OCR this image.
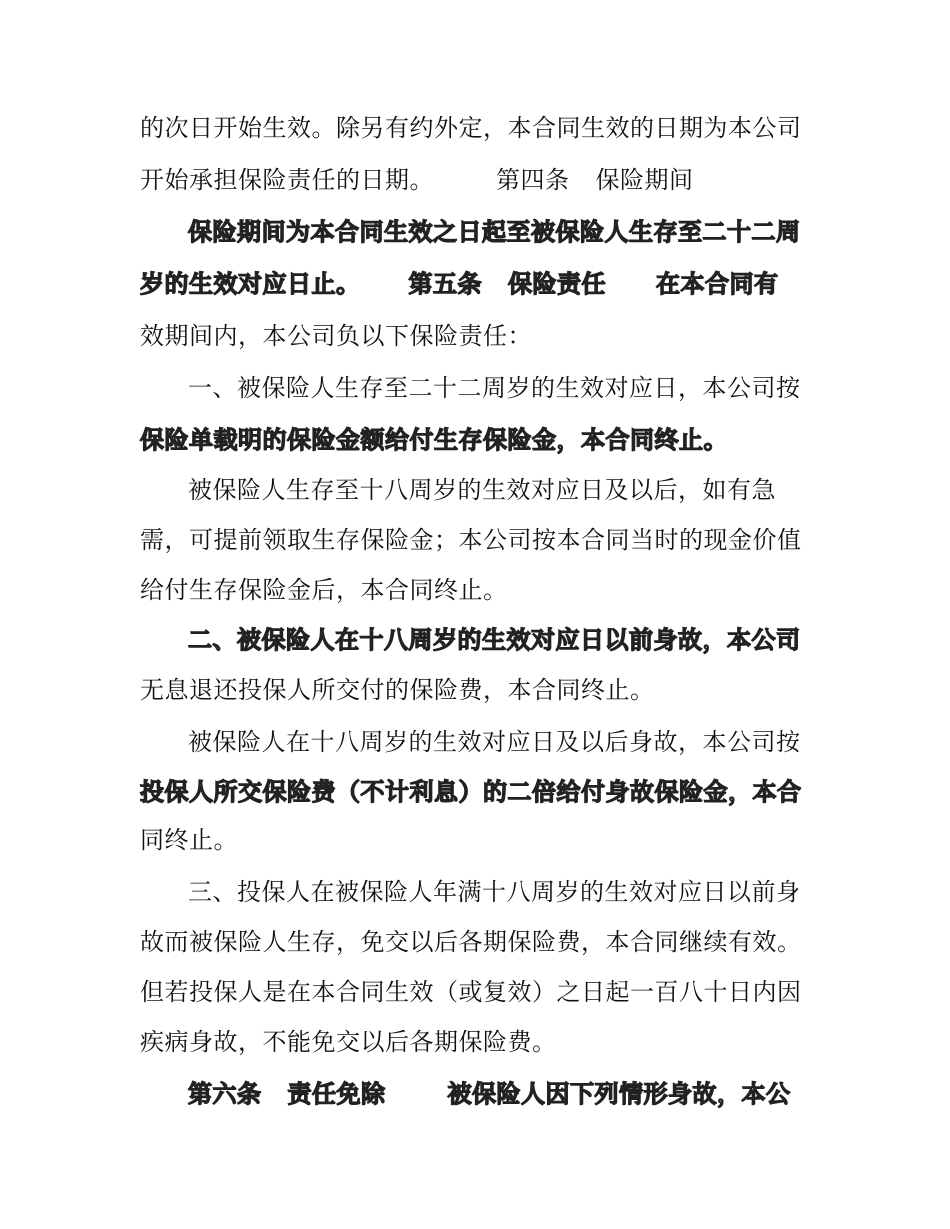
的次日开始生效。除另有约外定，本合同生效的日期为本公司
开始承担保险责任的日期。	第四条 保险期间
保险期间为本合同生效之日起至被保险人生存至二十二周
岁的生效对应日止。 第五条 保险责任 在本合同有
效期间内，本公司负以下保险责任：
一、被保险人生存至二十二周岁的生效对应日，本公司按
保险单载明的保险金额给付生存保险金，本合同终止。
被保险人生存至十八周岁的生效对应日及以后，如有急
需，可提前领取生存保险金；本公司按本合同当时的现金价值
给付生存保险金后，本合同终止。
二、被保险人在十八周岁的生效对应日以前身故，本公司
无息退还投保人所交付的保险费，本合同终止。
被保险人在十八周岁的生效对应日及以后身故，本公司按
投保人所交保险费（不计利息）的二倍给付身故保险金，本合
同终止。
三、投保人在被保险人年满十八周岁的生效对应日以前身
故而被保险人生存，免交以后各期保险费，本合同继续有效。
但若投保人是在本合同生效（或复效）之日起一百八十日内因
疾病身故，不能免交以后各期保险费。
第六条 责任免除	被保险人因下列情形身故，本公
